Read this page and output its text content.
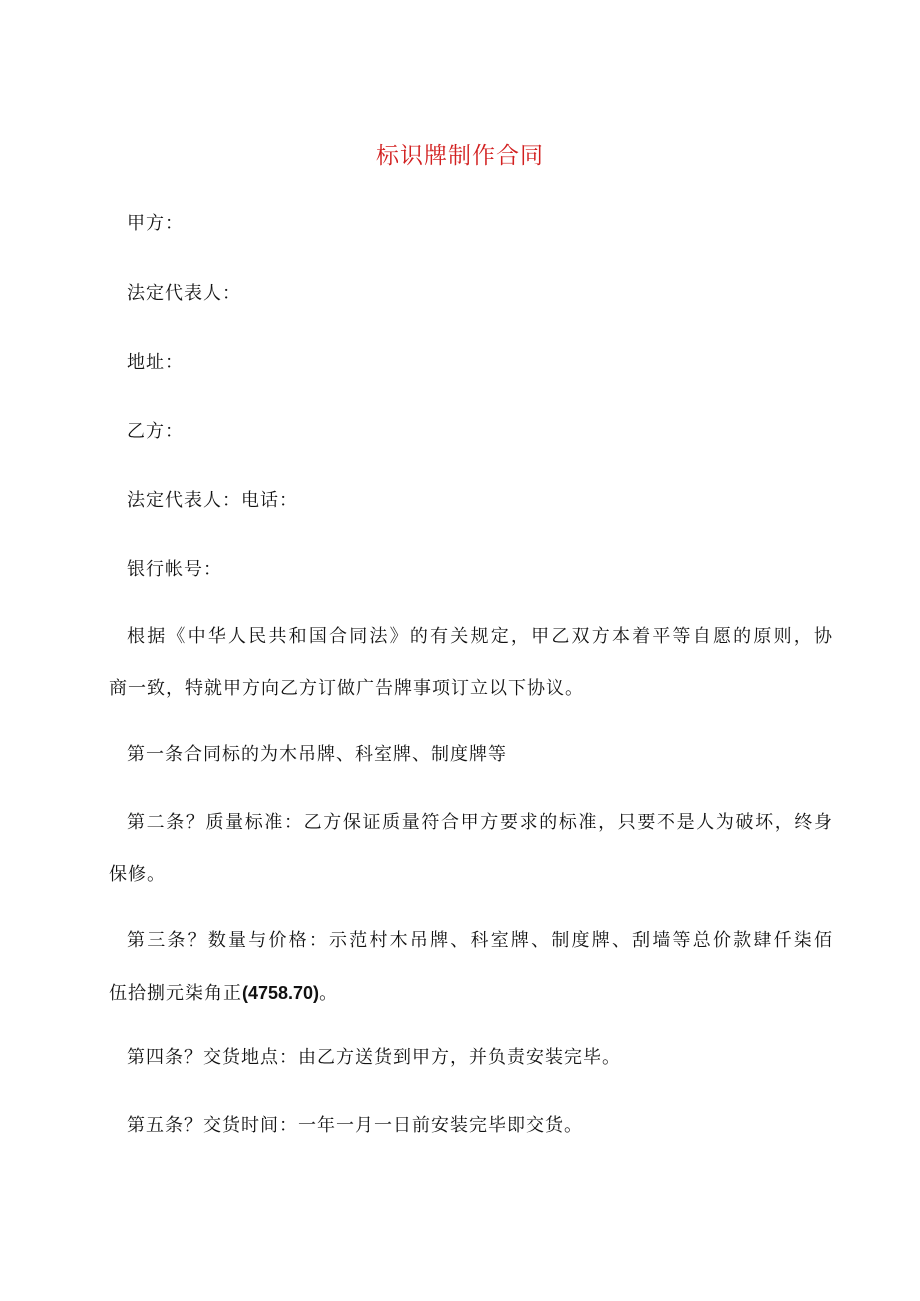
标识牌制作合同
甲方：
法定代表人：
地址：
乙方：
法定代表人：电话：
银行帐号：
根据《中华人民共和国合同法》的有关规定，甲乙双方本着平等自愿的原则，协
商一致，特就甲方向乙方订做广告牌事项订立以下协议。
第一条合同标的为木吊牌、科室牌、制度牌等
第二条？质量标准：乙方保证质量符合甲方要求的标准，只要不是人为破坏，终身
保修。
第三条？数量与价格：示范村木吊牌、科室牌、制度牌、刮墙等总价款肆仟柒佰
伍拾捌元柒角正(4758.70)。
第四条？交货地点：由乙方送货到甲方，并负责安装完毕。
第五条？交货时间：一年一月一日前安装完毕即交货。
